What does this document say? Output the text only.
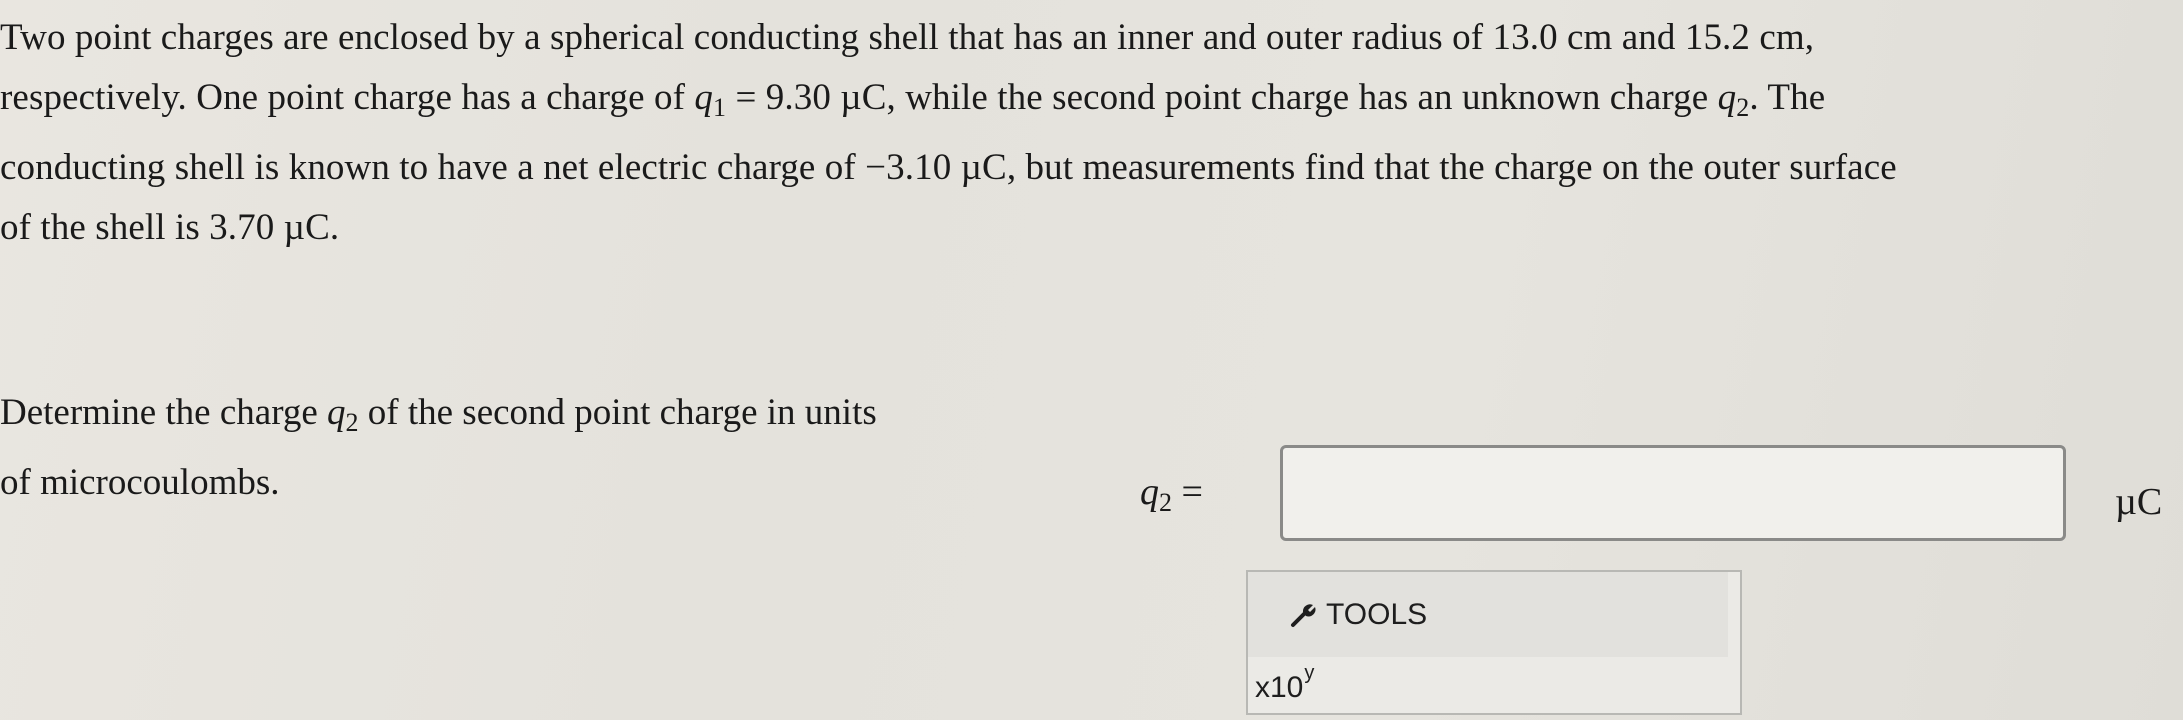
Two point charges are enclosed by a spherical conducting shell that has an inner and outer radius of 13.0 cm and 15.2 cm,
respectively. One point charge has a charge of $q_1 = 9.30$ µC, while the second point charge has an unknown charge $q_2$. The
conducting shell is known to have a net electric charge of −3.10 µC, but measurements find that the charge on the outer surface
of the shell is 3.70 µC.
Determine the charge $q_2$ of the second point charge in units
of microcoulombs.	$q_2$ =	µC
TOOLS
x10$^y$
